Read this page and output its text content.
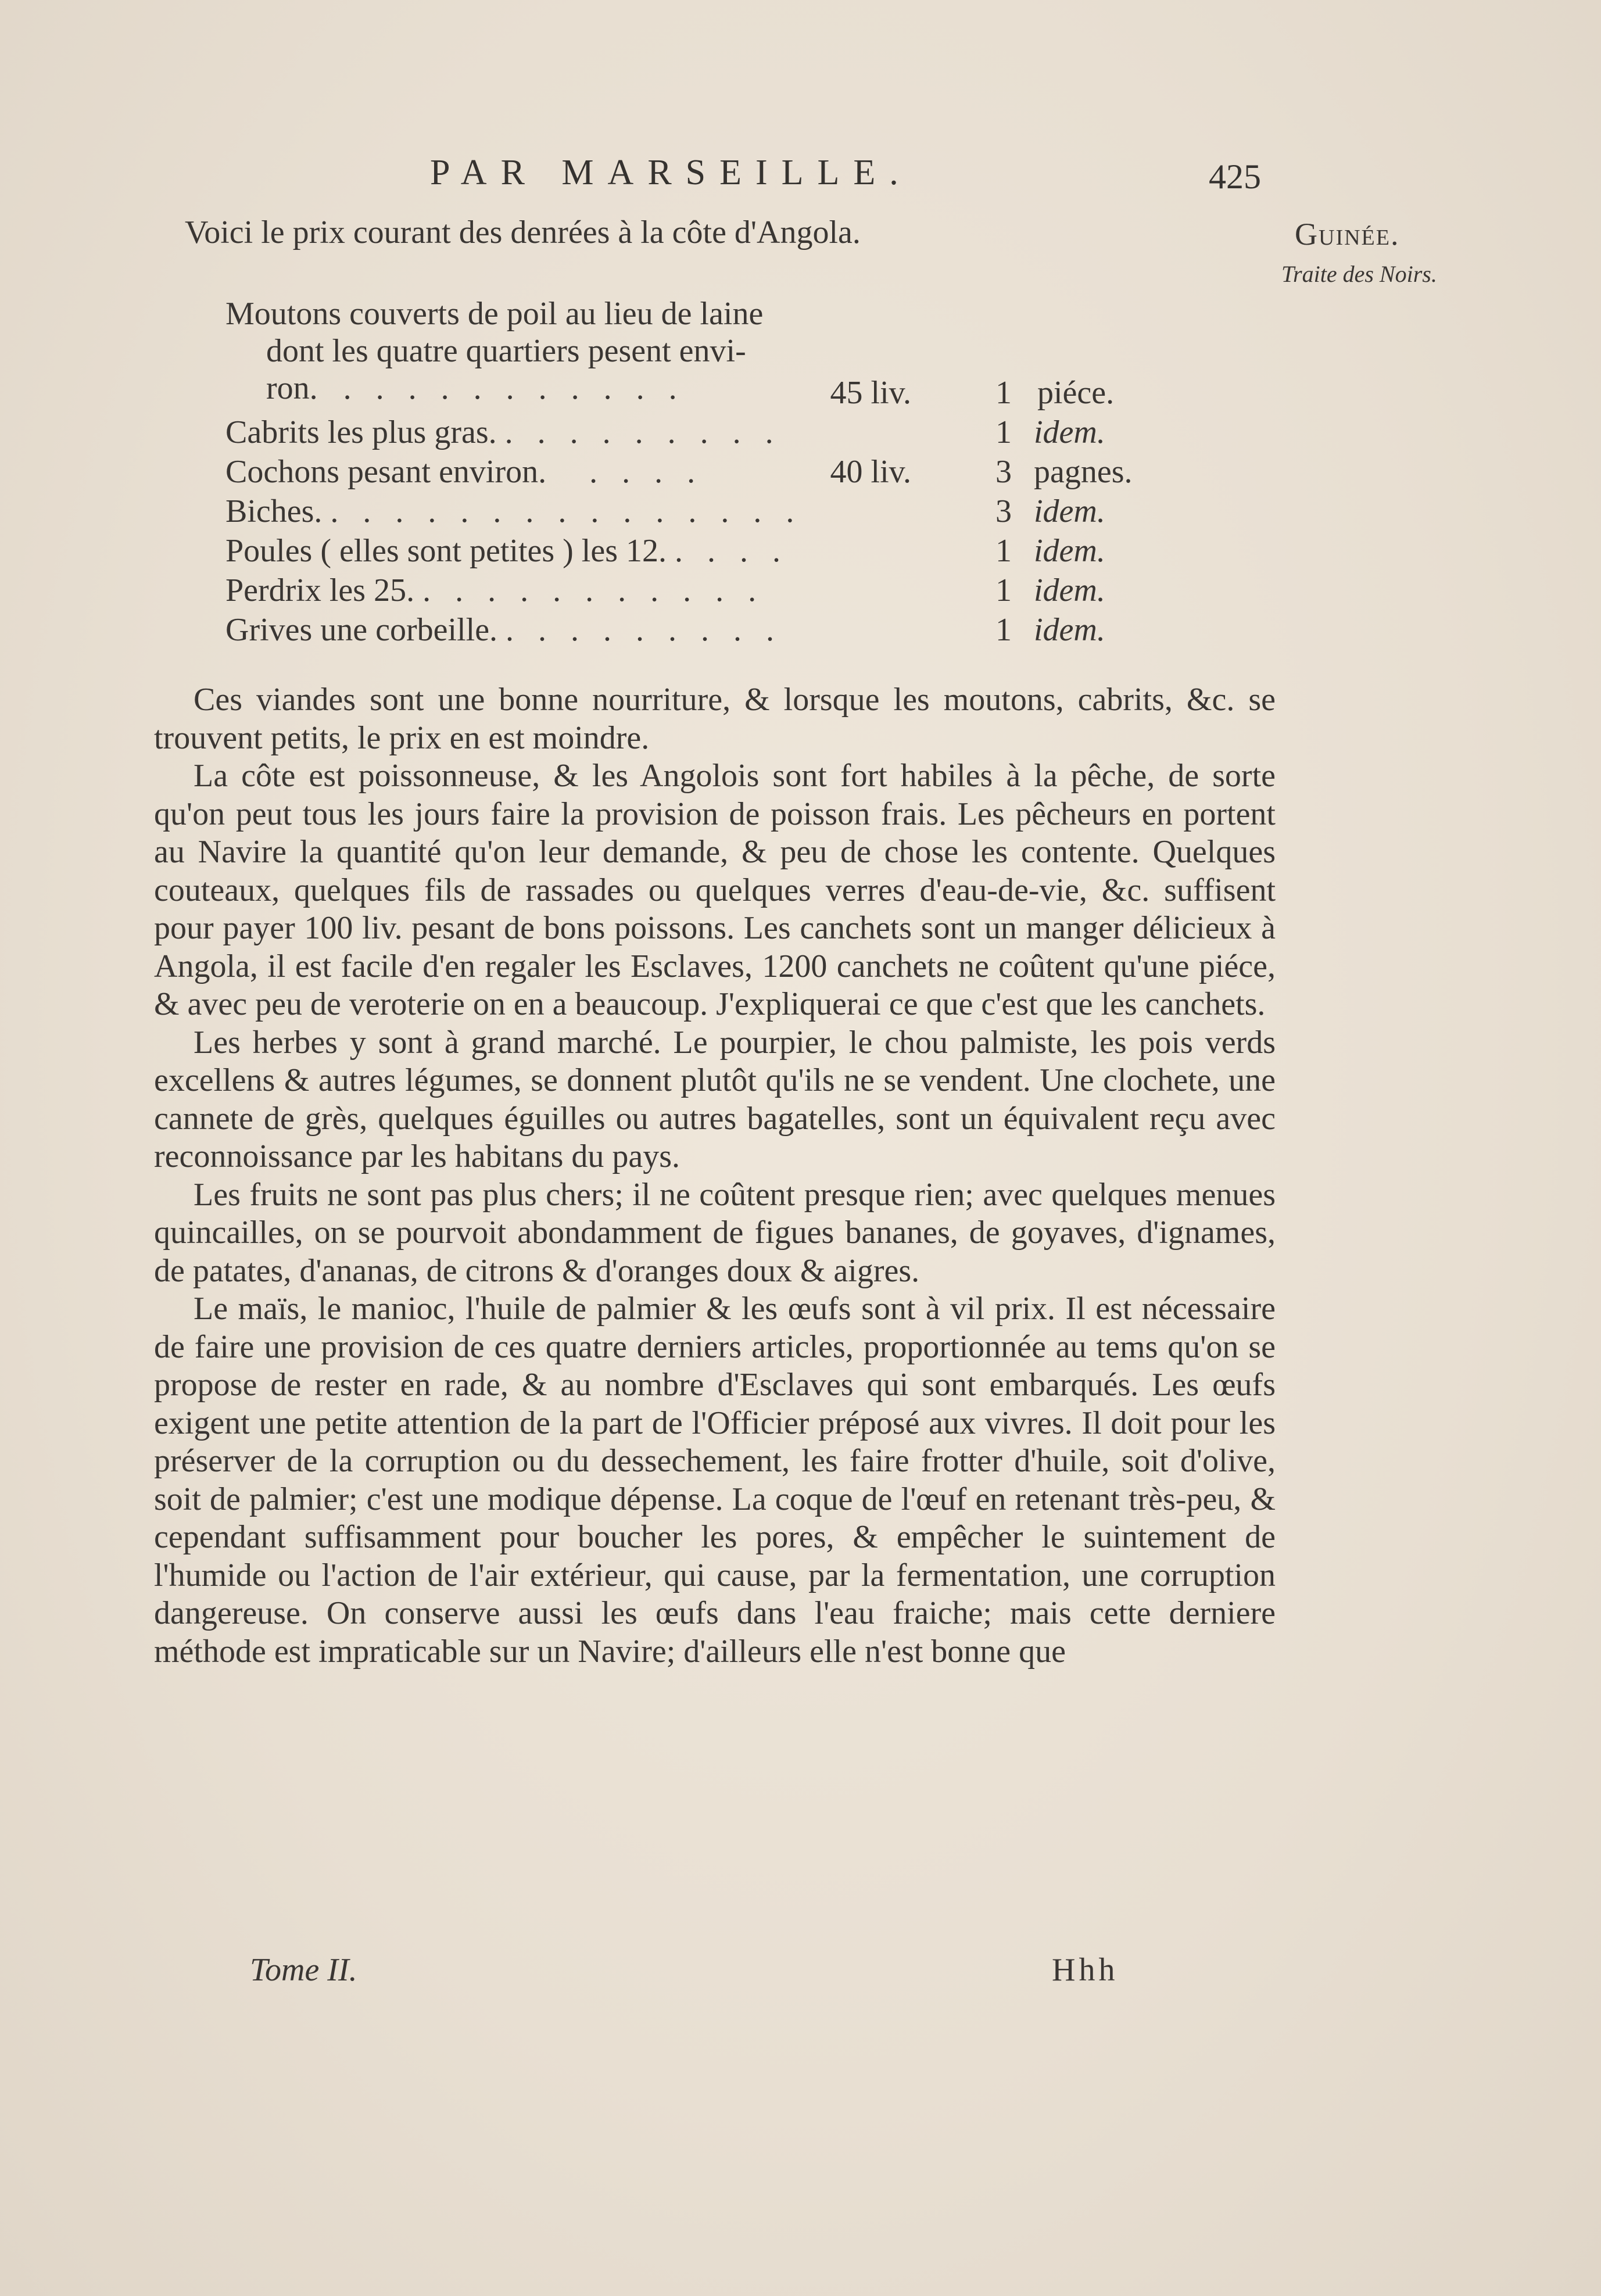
PAR MARSEILLE.	425
Guinée.
Traite des Noirs.
Voici le prix courant des denrées à la côte d'Angola.
Moutons couverts de poil au lieu de laine
dont les quatre quartiers pesent envi-
ron. . . . . . . . . . . .	45 liv.	1 piéce.
Cabrits les plus gras. . . . . . . . . .	1 idem.
Cochons pesant environ. . . . .	40 liv.	3 pagnes.
Biches. . . . . . . . . . . . . . . .	3 idem.
Poules ( elles sont petites ) les 12. . . . .	1 idem.
Perdrix les 25. . . . . . . . . . . .	1 idem.
Grives une corbeille. . . . . . . . . .	1 idem.

Ces viandes sont une bonne nourriture, & lorsque les moutons, cabrits, &c. se trouvent petits, le prix en est moindre.

La côte est poissonneuse, & les Angolois sont fort habiles à la pêche, de sorte qu'on peut tous les jours faire la provision de poisson frais. Les pêcheurs en portent au Navire la quantité qu'on leur demande, & peu de chose les contente. Quelques couteaux, quelques fils de rassades ou quelques verres d'eau-de-vie, &c. suffisent pour payer 100 liv. pesant de bons poissons. Les canchets sont un manger délicieux à Angola, il est facile d'en regaler les Esclaves, 1200 canchets ne coûtent qu'une piéce, & avec peu de veroterie on en a beaucoup. J'expliquerai ce que c'est que les canchets.

Les herbes y sont à grand marché. Le pourpier, le chou palmiste, les pois verds excellens & autres légumes, se donnent plutôt qu'ils ne se vendent. Une clochete, une cannete de grès, quelques éguilles ou autres bagatelles, sont un équivalent reçu avec reconnoissance par les habitans du pays.

Les fruits ne sont pas plus chers; il ne coûtent presque rien; avec quelques menues quincailles, on se pourvoit abondamment de figues bananes, de goyaves, d'ignames, de patates, d'ananas, de citrons & d'oranges doux & aigres.

Le maïs, le manioc, l'huile de palmier & les œufs sont à vil prix. Il est nécessaire de faire une provision de ces quatre derniers articles, proportionnée au tems qu'on se propose de rester en rade, & au nombre d'Esclaves qui sont embarqués. Les œufs exigent une petite attention de la part de l'Officier préposé aux vivres. Il doit pour les préserver de la corruption ou du dessechement, les faire frotter d'huile, soit d'olive, soit de palmier; c'est une modique dépense. La coque de l'œuf en retenant très-peu, & cependant suffisamment pour boucher les pores, & empêcher le suintement de l'humide ou l'action de l'air extérieur, qui cause, par la fermentation, une corruption dangereuse. On conserve aussi les œufs dans l'eau fraiche; mais cette derniere méthode est impraticable sur un Navire; d'ailleurs elle n'est bonne que

Tome II.	Hhh
